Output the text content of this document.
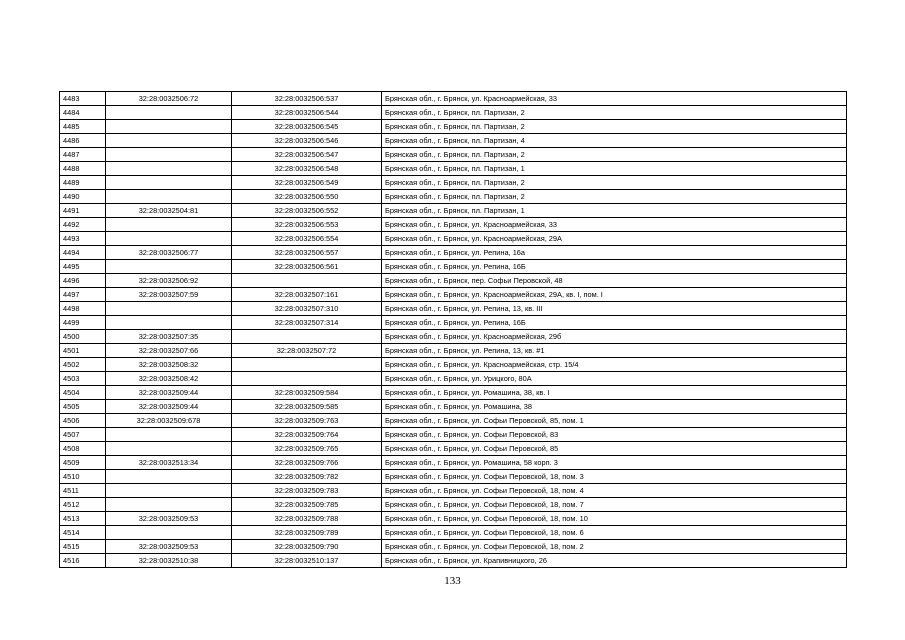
4483	32:28:0032506:72	32:28:0032506:537	Брянская обл., г. Брянск, ул. Красноармейская, 33
4484		32:28:0032506:544	Брянская обл., г. Брянск, пл. Партизан, 2
4485		32:28:0032506:545	Брянская обл., г. Брянск, пл. Партизан, 2
4486		32:28:0032506:546	Брянская обл., г. Брянск, пл. Партизан, 4
4487		32:28:0032506:547	Брянская обл., г. Брянск, пл. Партизан, 2
4488		32:28:0032506:548	Брянская обл., г. Брянск, пл. Партизан, 1
4489		32:28:0032506:549	Брянская обл., г. Брянск, пл. Партизан, 2
4490		32:28:0032506:550	Брянская обл., г. Брянск, пл. Партизан, 2
4491	32:28:0032504:81	32:28:0032506:552	Брянская обл., г. Брянск, пл. Партизан, 1
4492		32:28:0032506:553	Брянская обл., г. Брянск, ул. Красноармейская, 33
4493		32:28:0032506:554	Брянская обл., г. Брянск, ул. Красноармейская, 29А
4494	32:28:0032506:77	32:28:0032506:557	Брянская обл., г. Брянск, ул. Репина, 16а
4495		32:28:0032506:561	Брянская обл., г. Брянск, ул. Репина, 16Б
4496	32:28:0032506:92		Брянская обл., г. Брянск, пер. Софьи Перовской, 48
4497	32:28:0032507:59	32:28:0032507:161	Брянская обл., г. Брянск, ул. Красноармейская, 29А, кв. I, пом. I
4498		32:28:0032507:310	Брянская обл., г. Брянск, ул. Репина, 13, кв. III
4499		32:28:0032507:314	Брянская обл., г. Брянск, ул. Репина, 16Б
4500	32:28:0032507:35		Брянская обл., г. Брянск, ул. Красноармейская, 29б
4501	32:28:0032507:66	32:28:0032507:72	Брянская обл., г. Брянск, ул. Репина, 13, кв. #1
4502	32:28:0032508:32		Брянская обл., г. Брянск, ул. Красноармейская, стр. 15/4
4503	32:28:0032508:42		Брянская обл., г. Брянск, ул. Урицкого, 80А
4504	32:28:0032509:44	32:28:0032509:584	Брянская обл., г. Брянск, ул. Ромашина, 38, кв. I
4505	32:28:0032509:44	32:28:0032509:585	Брянская обл., г. Брянск, ул. Ромашина, 38
4506	32:28:0032509:678	32:28:0032509:763	Брянская обл., г. Брянск, ул. Софьи Перовской, 85, пом. 1
4507		32:28:0032509:764	Брянская обл., г. Брянск, ул. Софьи Перовской, 83
4508		32:28:0032509:765	Брянская обл., г. Брянск, ул. Софьи Перовской, 85
4509	32:28:0032513:34	32:28:0032509:766	Брянская обл., г. Брянск, ул. Ромашина, 58 корп. 3
4510		32:28:0032509:782	Брянская обл., г. Брянск, ул. Софьи Перовской, 18, пом. 3
4511		32:28:0032509:783	Брянская обл., г. Брянск, ул. Софьи Перовской, 18, пом. 4
4512		32:28:0032509:785	Брянская обл., г. Брянск, ул. Софьи Перовской, 18, пом. 7
4513	32:28:0032509:53	32:28:0032509:788	Брянская обл., г. Брянск, ул. Софьи Перовской, 18, пом. 10
4514		32:28:0032509:789	Брянская обл., г. Брянск, ул. Софьи Перовской, 18, пом. 6
4515	32:28:0032509:53	32:28:0032509:790	Брянская обл., г. Брянск, ул. Софьи Перовской, 18, пом. 2
4516	32:28:0032510:38	32:28:0032510:137	Брянская обл., г. Брянск, ул. Крапивницкого, 26
133
